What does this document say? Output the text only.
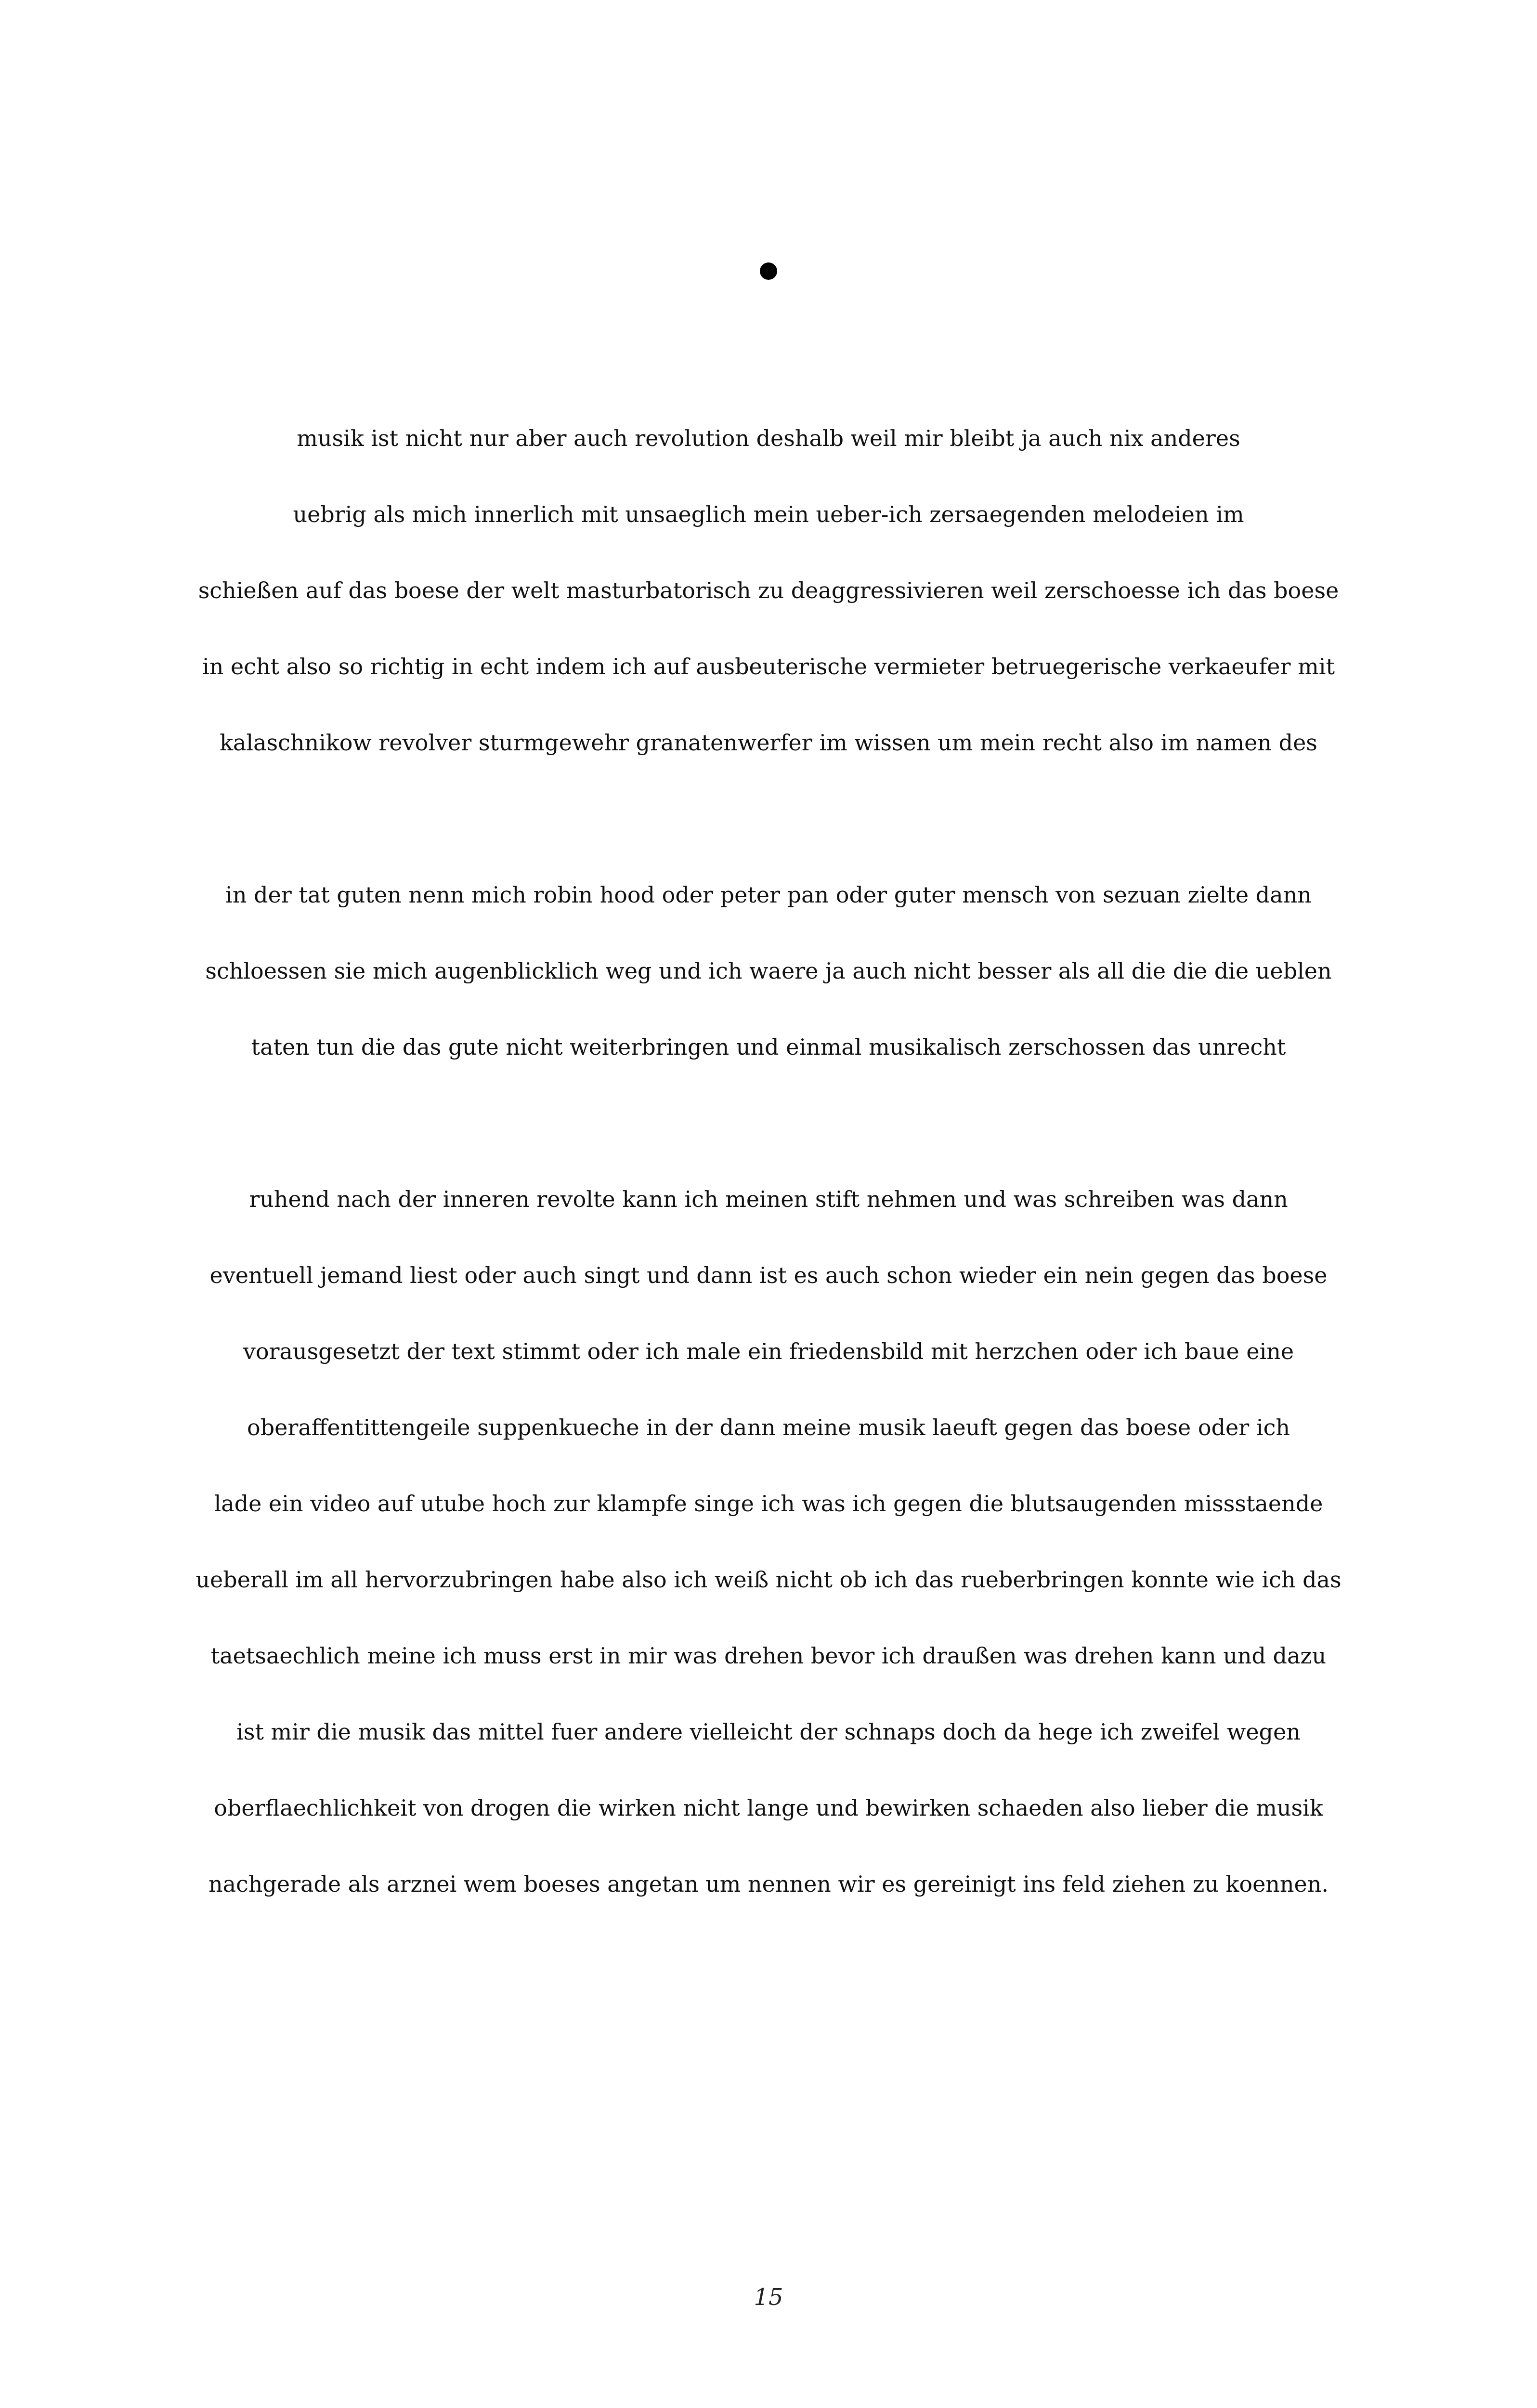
musik ist nicht nur aber auch revolution deshalb weil mir bleibt ja auch nix anderes
uebrig als mich innerlich mit unsaeglich mein ueber-ich zersaegenden melodeien im
schießen auf das boese der welt masturbatorisch zu deaggressivieren weil zerschoesse ich das boese
in echt also so richtig in echt indem ich auf ausbeuterische vermieter betruegerische verkaeufer mit
kalaschnikow revolver sturmgewehr granatenwerfer im wissen um mein recht also im namen des
in der tat guten nenn mich robin hood oder peter pan oder guter mensch von sezuan zielte dann
schloessen sie mich augenblicklich weg und ich waere ja auch nicht besser als all die die die ueblen
taten tun die das gute nicht weiterbringen und einmal musikalisch zerschossen das unrecht
ruhend nach der inneren revolte kann ich meinen stift nehmen und was schreiben was dann
eventuell jemand liest oder auch singt und dann ist es auch schon wieder ein nein gegen das boese
vorausgesetzt der text stimmt oder ich male ein friedensbild mit herzchen oder ich baue eine
oberaffentittengeile suppenkueche in der dann meine musik laeuft gegen das boese oder ich
lade ein video auf utube hoch zur klampfe singe ich was ich gegen die blutsaugenden missstaende
ueberall im all hervorzubringen habe also ich weiß nicht ob ich das rueberbringen konnte wie ich das
taetsaechlich meine ich muss erst in mir was drehen bevor ich draußen was drehen kann und dazu
ist mir die musik das mittel fuer andere vielleicht der schnaps doch da hege ich zweifel wegen
oberflaechlichkeit von drogen die wirken nicht lange und bewirken schaeden also lieber die musik
nachgerade als arznei wem boeses angetan um nennen wir es gereinigt ins feld ziehen zu koennen.
15
